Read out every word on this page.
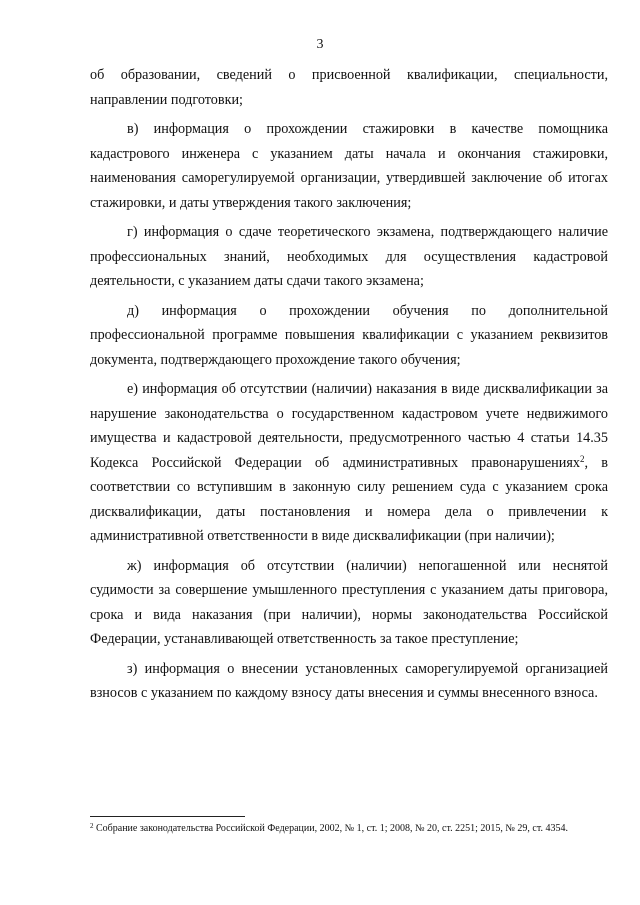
3

об образовании, сведений о присвоенной квалификации, специальности, направлении подготовки;

в) информация о прохождении стажировки в качестве помощника кадастрового инженера с указанием даты начала и окончания стажировки, наименования саморегулируемой организации, утвердившей заключение об итогах стажировки, и даты утверждения такого заключения;

г) информация о сдаче теоретического экзамена, подтверждающего наличие профессиональных знаний, необходимых для осуществления кадастровой деятельности, с указанием даты сдачи такого экзамена;

д) информация о прохождении обучения по дополнительной профессиональной программе повышения квалификации с указанием реквизитов документа, подтверждающего прохождение такого обучения;

е) информация об отсутствии (наличии) наказания в виде дисквалификации за нарушение законодательства о государственном кадастровом учете недвижимого имущества и кадастровой деятельности, предусмотренного частью 4 статьи 14.35 Кодекса Российской Федерации об административных правонарушениях$^2$, в соответствии со вступившим в законную силу решением суда с указанием срока дисквалификации, даты постановления и номера дела о привлечении к административной ответственности в виде дисквалификации (при наличии);

ж) информация об отсутствии (наличии) непогашенной или неснятой судимости за совершение умышленного преступления с указанием даты приговора, срока и вида наказания (при наличии), нормы законодательства Российской Федерации, устанавливающей ответственность за такое преступление;

з) информация о внесении установленных саморегулируемой организацией взносов с указанием по каждому взносу даты внесения и суммы внесенного взноса.

$^2$ Собрание законодательства Российской Федерации, 2002, № 1, ст. 1; 2008, № 20, ст. 2251; 2015, № 29, ст. 4354.
